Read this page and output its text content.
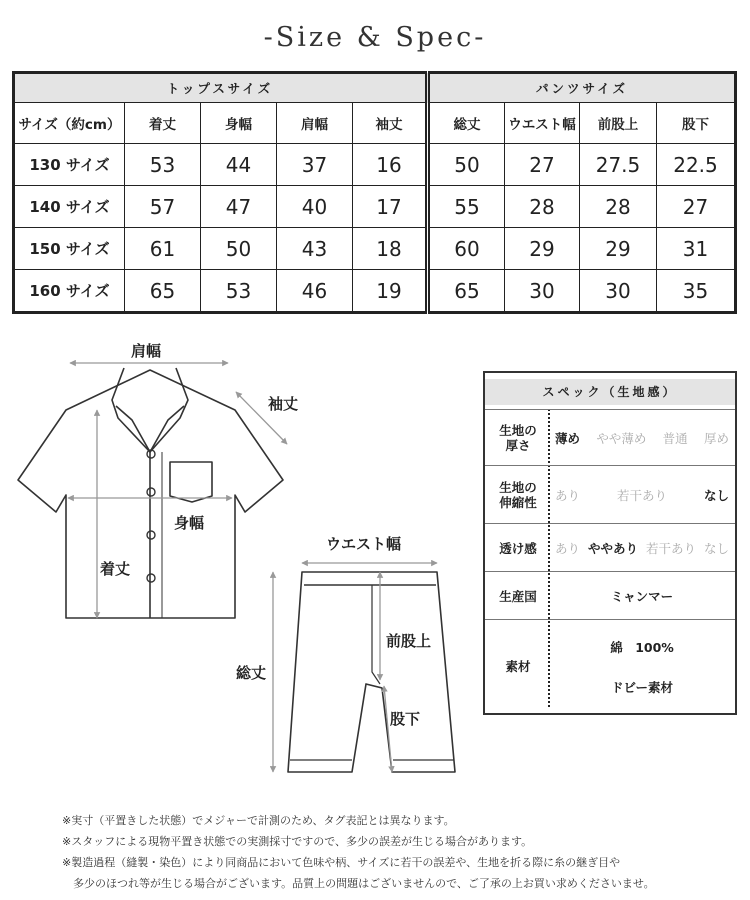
-Size & Spec-
トップスサイズ					パンツサイズ			
サイズ（約cm）	着丈	身幅	肩幅	袖丈	総丈	ウエスト幅	前股上	股下
130 サイズ	53	44	37	16	50	27	27.5	22.5
140 サイズ	57	47	40	17	55	28	28	27
150 サイズ	61	50	43	18	60	29	29	31
160 サイズ	65	53	46	19	65	30	30	35
肩幅
袖丈
身幅
着丈
ウエスト幅
前股上
総丈
股下
スペック（生地感）
生地の
厚さ	薄め やや薄め 普通 厚め
生地の
伸縮性 あり	若干あり	なし
透け感	あり ややあり 若干あり なし
生産国	ミャンマー
素材
綿　100%
ドビー素材
※実寸（平置きした状態）でメジャーで計測のため、タグ表記とは異なります。
※スタッフによる現物平置き状態での実測採寸ですので、多少の誤差が生じる場合があります。
※製造過程（縫製・染色）により同商品において色味や柄、サイズに若干の誤差や、生地を折る際に糸の継ぎ目や
　多少のほつれ等が生じる場合がございます。品質上の問題はございませんので、ご了承の上お買い求めくださいませ。
